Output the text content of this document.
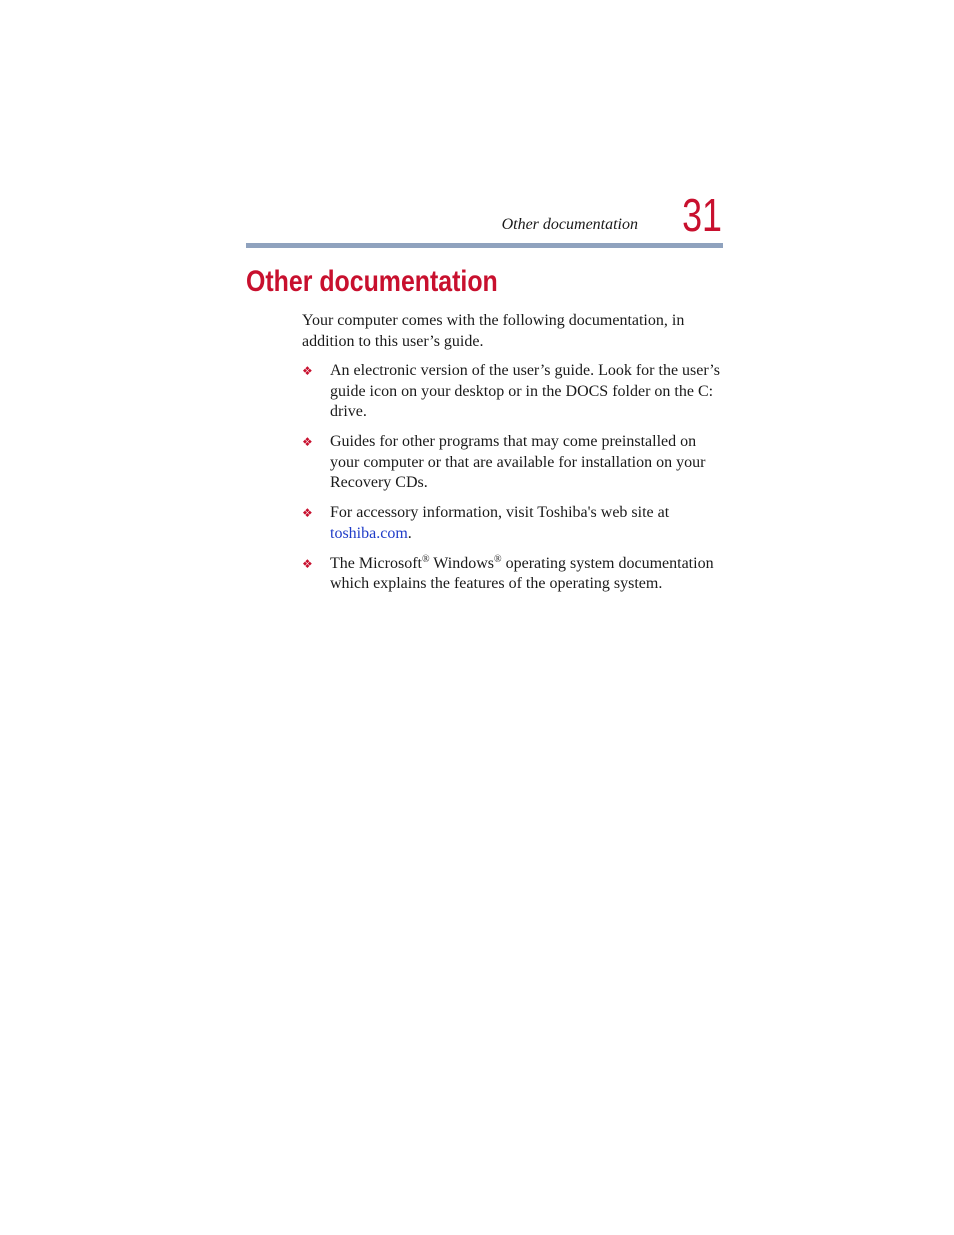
Other documentation 31
Other documentation

Your computer comes with the following documentation, in addition to this user’s guide.

❖ An electronic version of the user’s guide. Look for the user’s guide icon on your desktop or in the DOCS folder on the C: drive.
❖ Guides for other programs that may come preinstalled on your computer or that are available for installation on your Recovery CDs.
❖ For accessory information, visit Toshiba's web site at toshiba.com.
❖ The Microsoft® Windows® operating system documentation which explains the features of the operating system.
